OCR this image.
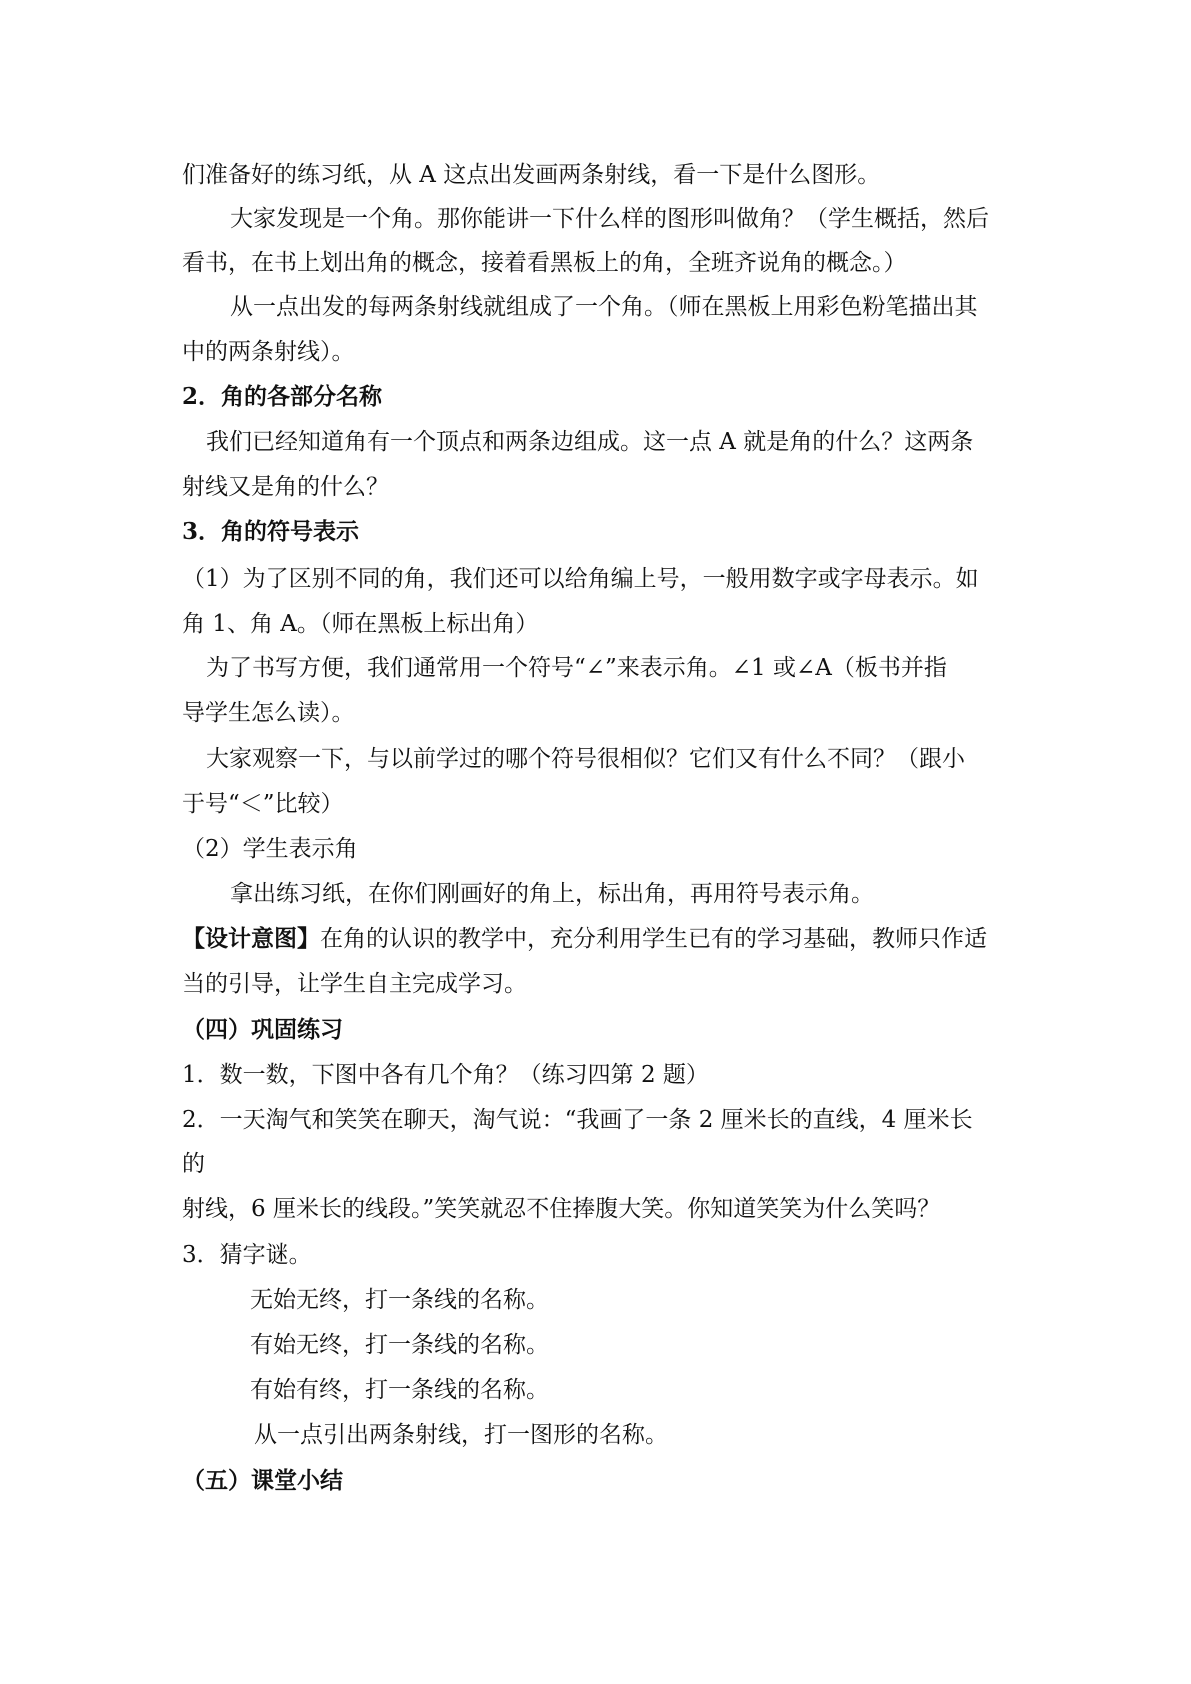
们准备好的练习纸，从 A 这点出发画两条射线，看一下是什么图形。
大家发现是一个角。那你能讲一下什么样的图形叫做角？（学生概括，然后
看书，在书上划出角的概念，接着看黑板上的角，全班齐说角的概念。）
从一点出发的每两条射线就组成了一个角。（师在黑板上用彩色粉笔描出其
中的两条射线）。
2．角的各部分名称
我们已经知道角有一个顶点和两条边组成。这一点 A 就是角的什么？这两条
射线又是角的什么？
3．角的符号表示
（1）为了区别不同的角，我们还可以给角编上号，一般用数字或字母表示。如
角 1、角 A。（师在黑板上标出角）
为了书写方便，我们通常用一个符号“∠”来表示角。∠1 或∠A（板书并指
导学生怎么读）。
大家观察一下，与以前学过的哪个符号很相似？它们又有什么不同？（跟小
于号“＜”比较）
（2）学生表示角
拿出练习纸，在你们刚画好的角上，标出角，再用符号表示角。
【设计意图】在角的认识的教学中，充分利用学生已有的学习基础，教师只作适
当的引导，让学生自主完成学习。
（四）巩固练习
1．数一数，下图中各有几个角？（练习四第 2 题）
2．一天淘气和笑笑在聊天，淘气说：“我画了一条 2 厘米长的直线，4 厘米长
的
射线，6 厘米长的线段。”笑笑就忍不住捧腹大笑。你知道笑笑为什么笑吗？
3．猜字谜。
无始无终，打一条线的名称。
有始无终，打一条线的名称。
有始有终，打一条线的名称。
从一点引出两条射线，打一图形的名称。
（五）课堂小结
